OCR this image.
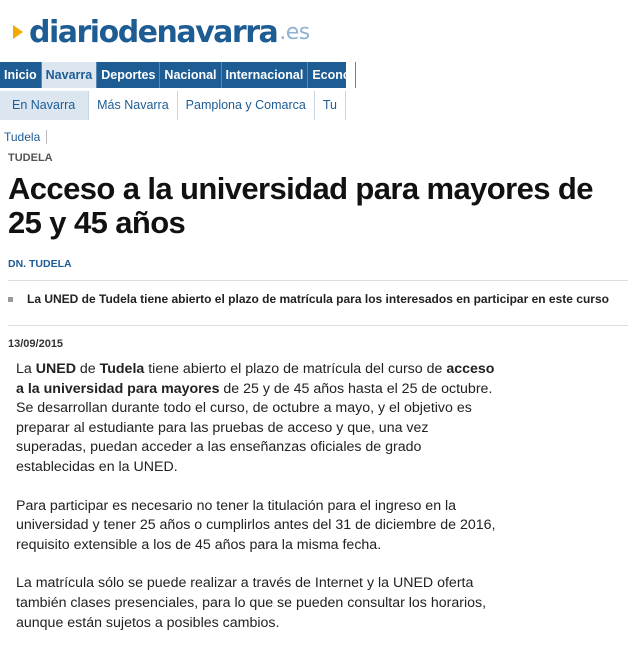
diariodenavarra .es
Inicio Navarra Deportes Nacional Internacional Econo
En Navarra	Más Navarra	Pamplona y Comarca	Tu
Tudela
TUDELA
Acceso a la universidad para mayores de 25 y 45 años
DN. TUDELA
La UNED de Tudela tiene abierto el plazo de matrícula para los interesados en participar en este curso
13/09/2015

La UNED de Tudela tiene abierto el plazo de matrícula del curso de acceso a la universidad para mayores de 25 y de 45 años hasta el 25 de octubre. Se desarrollan durante todo el curso, de octubre a mayo, y el objetivo es preparar al estudiante para las pruebas de acceso y que, una vez superadas, puedan acceder a las enseñanzas oficiales de grado establecidas en la UNED.

Para participar es necesario no tener la titulación para el ingreso en la universidad y tener 25 años o cumplirlos antes del 31 de diciembre de 2016, requisito extensible a los de 45 años para la misma fecha.

La matrícula sólo se puede realizar a través de Internet y la UNED oferta también clases presenciales, para lo que se pueden consultar los horarios, aunque están sujetos a posibles cambios.
